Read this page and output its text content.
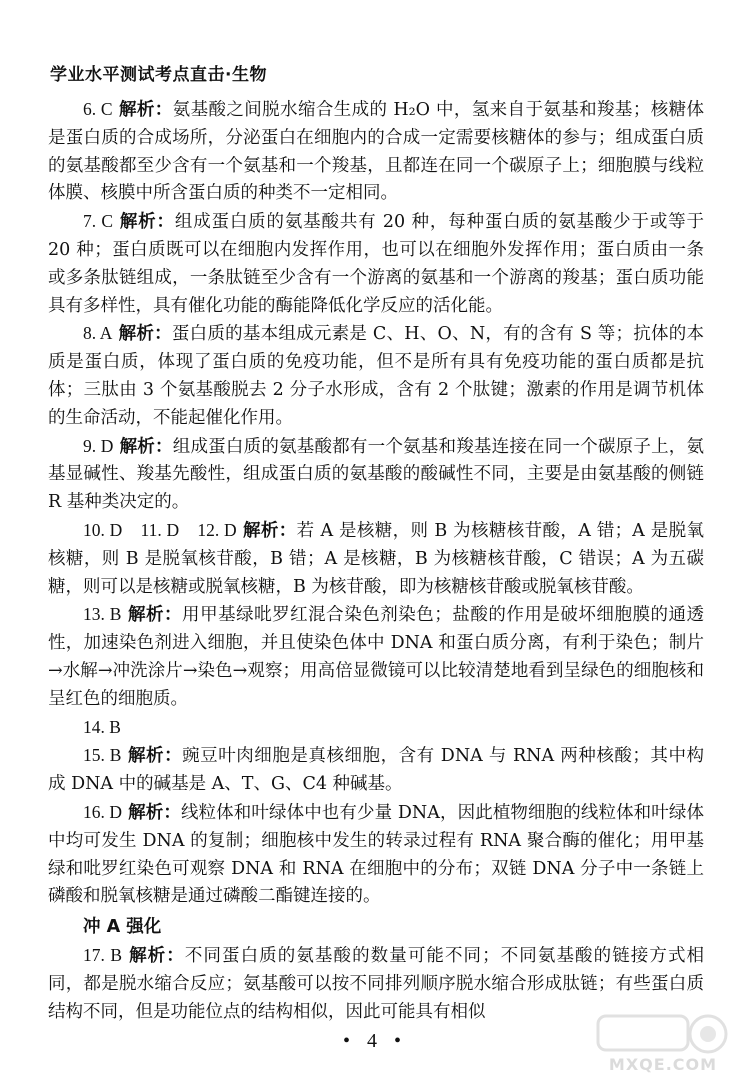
学业水平测试考点直击·生物

6. C 解析：氨基酸之间脱水缩合生成的 H₂O 中，氢来自于氨基和羧基；核糖体是蛋白质的合成场所，分泌蛋白在细胞内的合成一定需要核糖体的参与；组成蛋白质的氨基酸都至少含有一个氨基和一个羧基，且都连在同一个碳原子上；细胞膜与线粒体膜、核膜中所含蛋白质的种类不一定相同。

7. C 解析：组成蛋白质的氨基酸共有 20 种，每种蛋白质的氨基酸少于或等于 20 种；蛋白质既可以在细胞内发挥作用，也可以在细胞外发挥作用；蛋白质由一条或多条肽链组成，一条肽链至少含有一个游离的氨基和一个游离的羧基；蛋白质功能具有多样性，具有催化功能的酶能降低化学反应的活化能。

8. A 解析：蛋白质的基本组成元素是 C、H、O、N，有的含有 S 等；抗体的本质是蛋白质，体现了蛋白质的免疫功能，但不是所有具有免疫功能的蛋白质都是抗体；三肽由 3 个氨基酸脱去 2 分子水形成，含有 2 个肽键；激素的作用是调节机体的生命活动，不能起催化作用。

9. D 解析：组成蛋白质的氨基酸都有一个氨基和羧基连接在同一个碳原子上，氨基显碱性、羧基先酸性，组成蛋白质的氨基酸的酸碱性不同，主要是由氨基酸的侧链 R 基种类决定的。

10. D　11. D　12. D 解析：若 A 是核糖，则 B 为核糖核苷酸，A 错；A 是脱氧核糖，则 B 是脱氧核苷酸，B 错；A 是核糖，B 为核糖核苷酸，C 错误；A 为五碳糖，则可以是核糖或脱氧核糖，B 为核苷酸，即为核糖核苷酸或脱氧核苷酸。

13. B 解析：用甲基绿吡罗红混合染色剂染色；盐酸的作用是破坏细胞膜的通透性，加速染色剂进入细胞，并且使染色体中 DNA 和蛋白质分离，有利于染色；制片→水解→冲洗涂片→染色→观察；用高倍显微镜可以比较清楚地看到呈绿色的细胞核和呈红色的细胞质。

14. B

15. B 解析：豌豆叶肉细胞是真核细胞，含有 DNA 与 RNA 两种核酸；其中构成 DNA 中的碱基是 A、T、G、C4 种碱基。

16. D 解析：线粒体和叶绿体中也有少量 DNA，因此植物细胞的线粒体和叶绿体中均可发生 DNA 的复制；细胞核中发生的转录过程有 RNA 聚合酶的催化；用甲基绿和吡罗红染色可观察 DNA 和 RNA 在细胞中的分布；双链 DNA 分子中一条链上磷酸和脱氧核糖是通过磷酸二酯键连接的。

冲 A 强化

17. B 解析：不同蛋白质的氨基酸的数量可能不同；不同氨基酸的链接方式相同，都是脱水缩合反应；氨基酸可以按不同排列顺序脱水缩合形成肽链；有些蛋白质结构不同，但是功能位点的结构相似，因此可能具有相似

• 4 •
MXQE.COM
